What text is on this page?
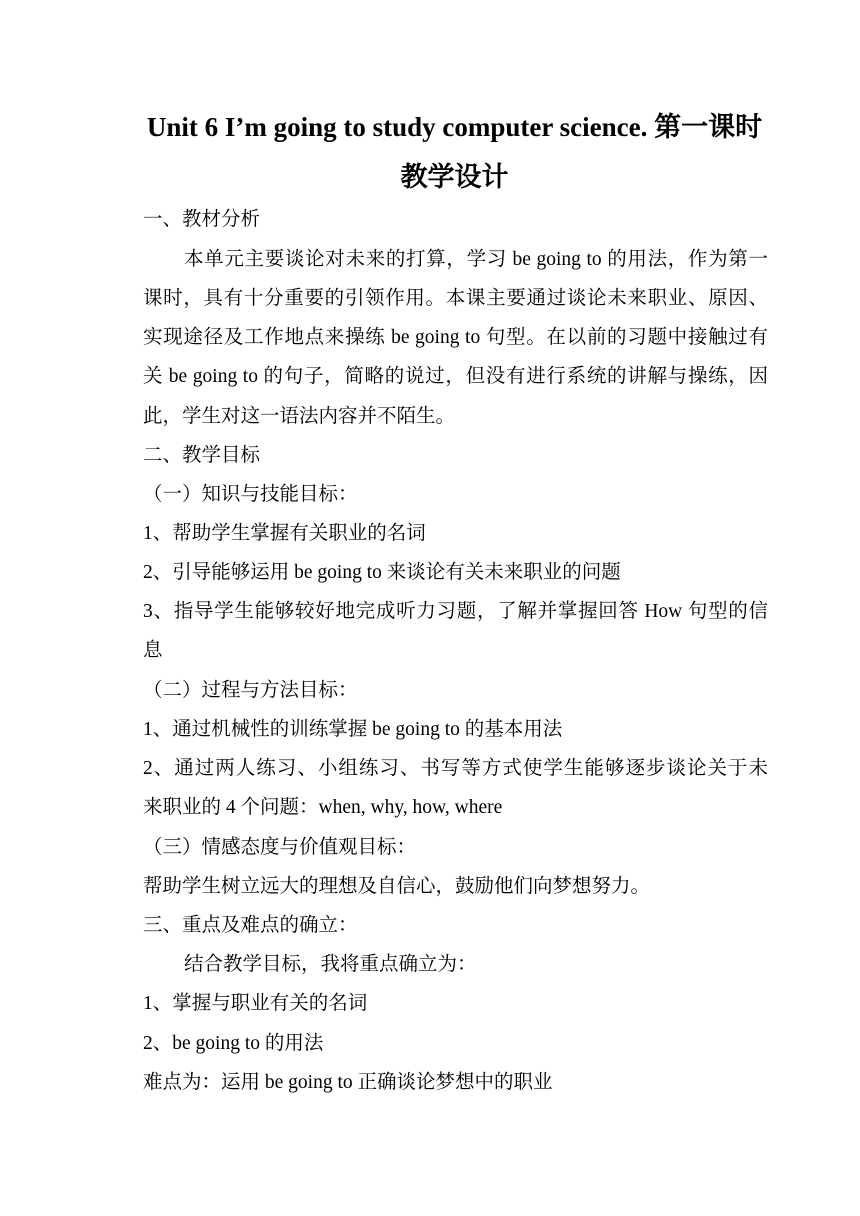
Unit 6 I’m going to study computer science. 第一课时
教学设计
一、教材分析
本单元主要谈论对未来的打算，学习 be going to 的用法，作为第一
课时，具有十分重要的引领作用。本课主要通过谈论未来职业、原因、
实现途径及工作地点来操练 be going to 句型。在以前的习题中接触过有
关 be going to 的句子，简略的说过，但没有进行系统的讲解与操练，因
此，学生对这一语法内容并不陌生。
二、教学目标
（一）知识与技能目标：
1、帮助学生掌握有关职业的名词
2、引导能够运用 be going to 来谈论有关未来职业的问题
3、指导学生能够较好地完成听力习题，了解并掌握回答 How 句型的信
息
（二）过程与方法目标：
1、通过机械性的训练掌握 be going to 的基本用法
2、通过两人练习、小组练习、书写等方式使学生能够逐步谈论关于未
来职业的 4 个问题：when, why, how, where
（三）情感态度与价值观目标：
帮助学生树立远大的理想及自信心，鼓励他们向梦想努力。
三、重点及难点的确立：
结合教学目标，我将重点确立为：
1、掌握与职业有关的名词
2、be going to 的用法
难点为：运用 be going to 正确谈论梦想中的职业
